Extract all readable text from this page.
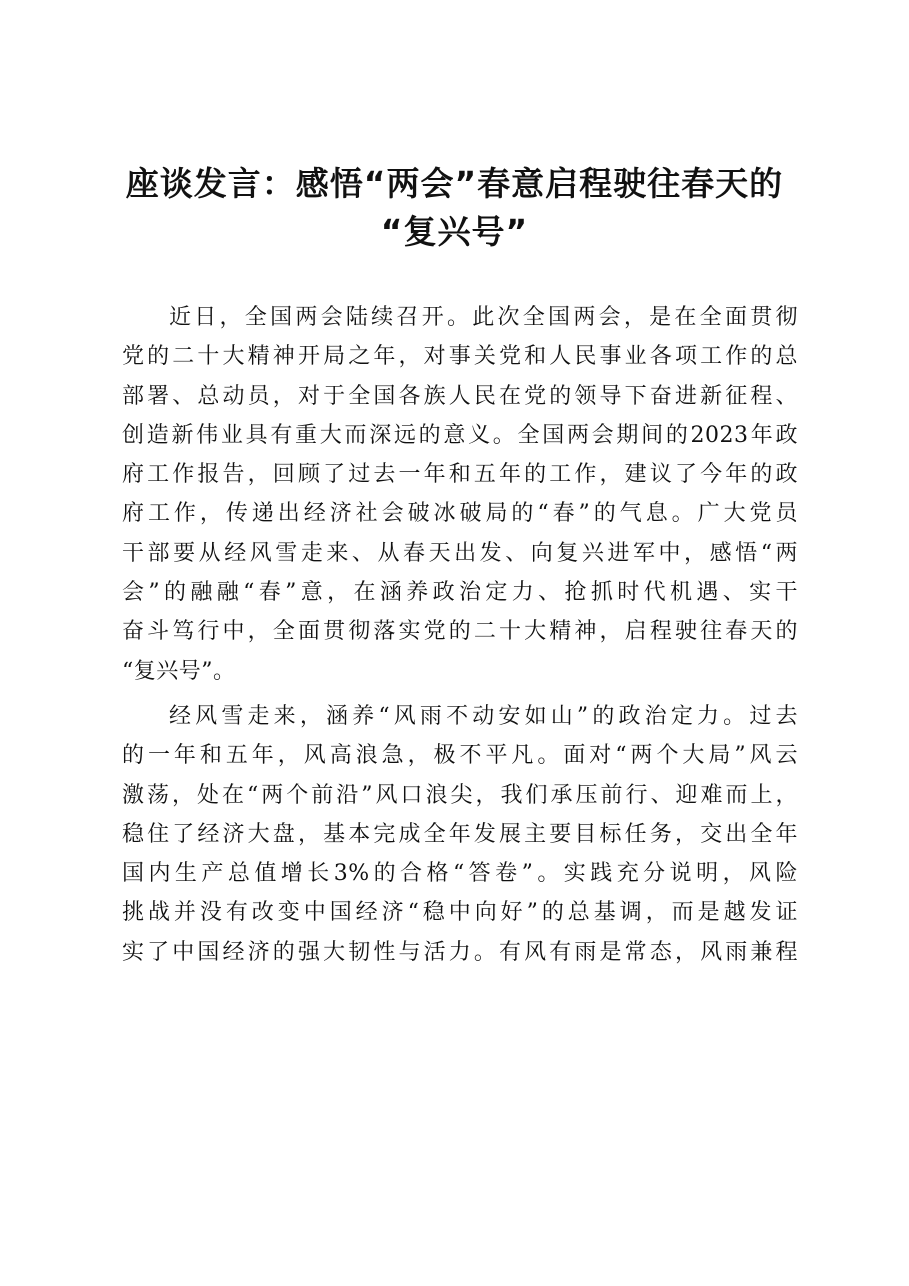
座谈发言：感悟“两会”春意启程驶往春天的
“复兴号”
近日，全国两会陆续召开。此次全国两会，是在全面贯彻
党的二十大精神开局之年，对事关党和人民事业各项工作的总
部署、总动员，对于全国各族人民在党的领导下奋进新征程、
创造新伟业具有重大而深远的意义。全国两会期间的2023年政
府工作报告，回顾了过去一年和五年的工作，建议了今年的政
府工作，传递出经济社会破冰破局的“春”的气息。广大党员
干部要从经风雪走来、从春天出发、向复兴进军中，感悟“两
会”的融融“春”意，在涵养政治定力、抢抓时代机遇、实干
奋斗笃行中，全面贯彻落实党的二十大精神，启程驶往春天的
“复兴号”。
经风雪走来，涵养“风雨不动安如山”的政治定力。过去
的一年和五年，风高浪急，极不平凡。面对“两个大局”风云
激荡，处在“两个前沿”风口浪尖，我们承压前行、迎难而上，
稳住了经济大盘，基本完成全年发展主要目标任务，交出全年
国内生产总值增长3%的合格“答卷”。实践充分说明，风险
挑战并没有改变中国经济“稳中向好”的总基调，而是越发证
实了中国经济的强大韧性与活力。有风有雨是常态，风雨兼程
